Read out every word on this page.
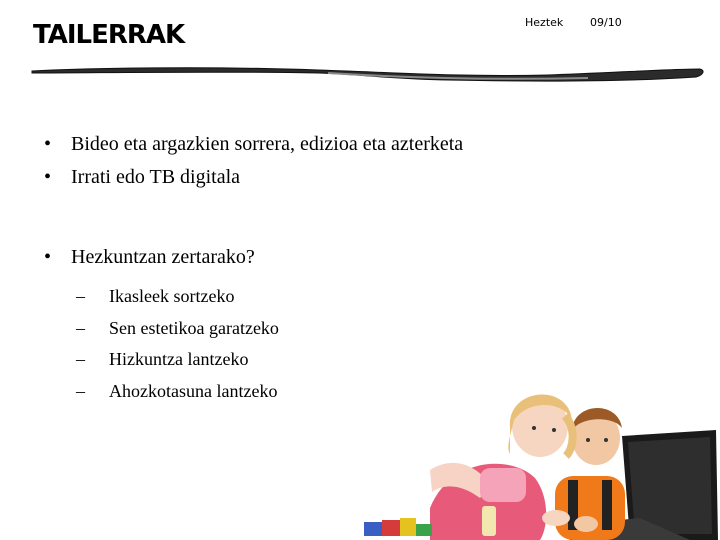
TAILERRAK	Heztek 09/10
• Bideo eta argazkien sorrera, edizioa eta azterketa
• Irrati edo TB digitala
• Hezkuntzan zertarako?
– Ikasleek sortzeko
– Sen estetikoa garatzeko
– Hizkuntza lantzeko
– Ahozkotasuna lantzeko
